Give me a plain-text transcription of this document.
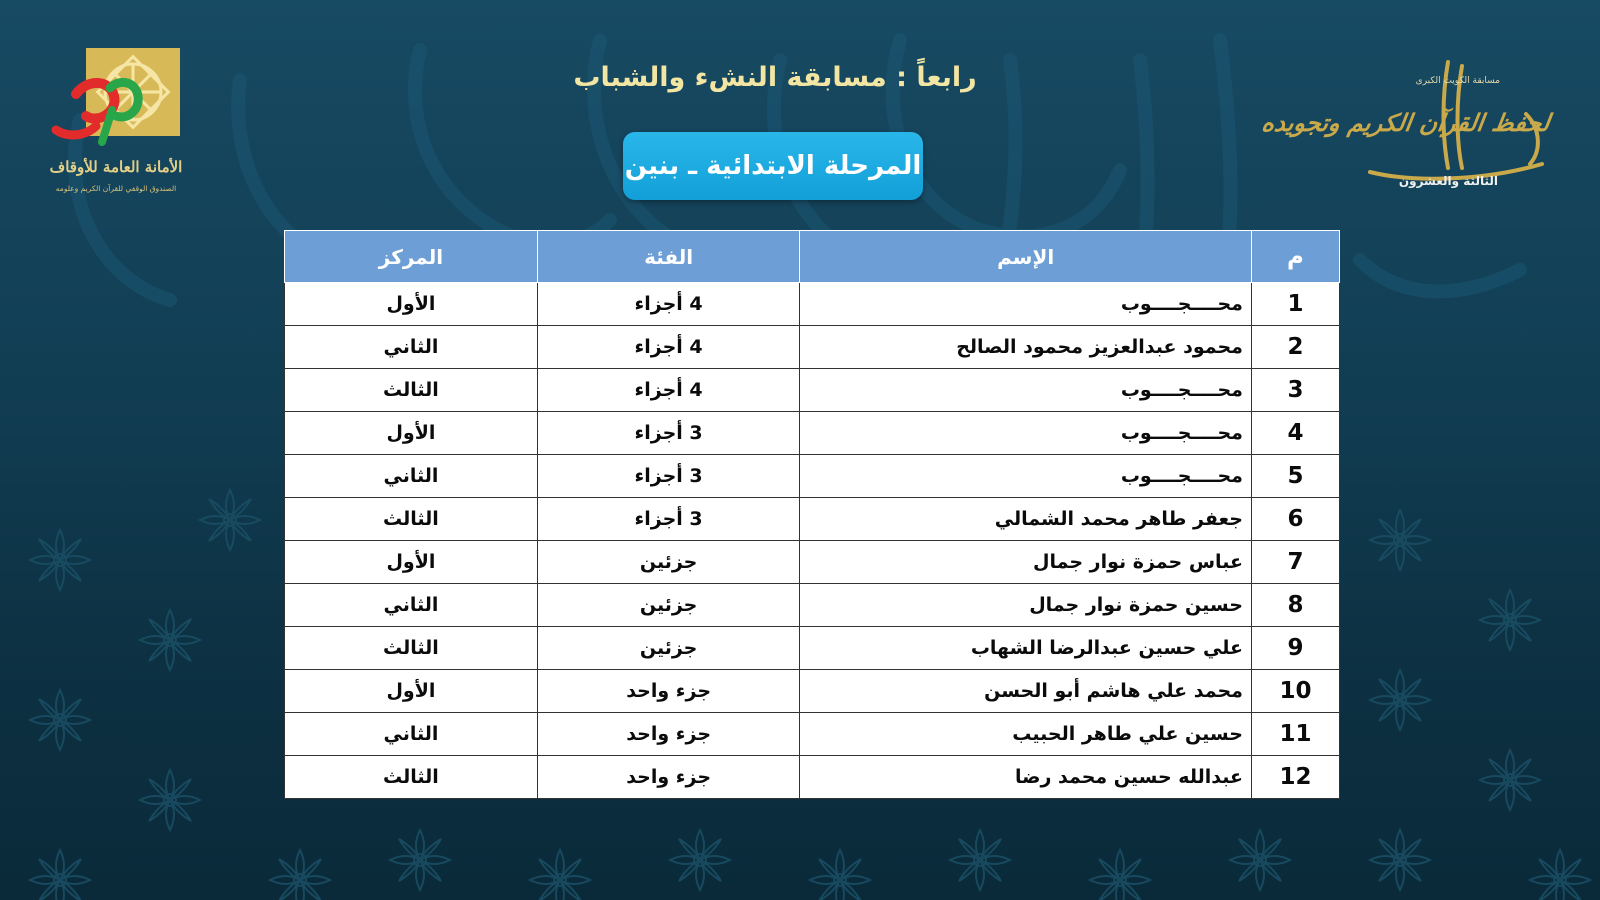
الأمانة العامة للأوقاف
الصندوق الوقفي للقرآن الكريم وعلومه
مسابقة الكويت الكبرى
لحفظ القرآن الكريم وتجويده
الثالثة والعشرون
رابعاً : مسابقة النشء والشباب
المرحلة الابتدائية ـ بنين
م	الإسم	الفئة	المركز
1	محــــجــــوب	4 أجزاء	الأول
2	محمود عبدالعزيز محمود الصالح	4 أجزاء	الثاني
3	محــــجــــوب	4 أجزاء	الثالث
4	محــــجــــوب	3 أجزاء	الأول
5	محــــجــــوب	3 أجزاء	الثاني
6	جعفر طاهر محمد الشمالي	3 أجزاء	الثالث
7	عباس حمزة نوار جمال	جزئين	الأول
8	حسين حمزة نوار جمال	جزئين	الثاني
9	علي حسين عبدالرضا الشهاب	جزئين	الثالث
10	محمد علي هاشم أبو الحسن	جزء واحد	الأول
11	حسين علي طاهر الحبيب	جزء واحد	الثاني
12	عبدالله حسين محمد رضا	جزء واحد	الثالث
